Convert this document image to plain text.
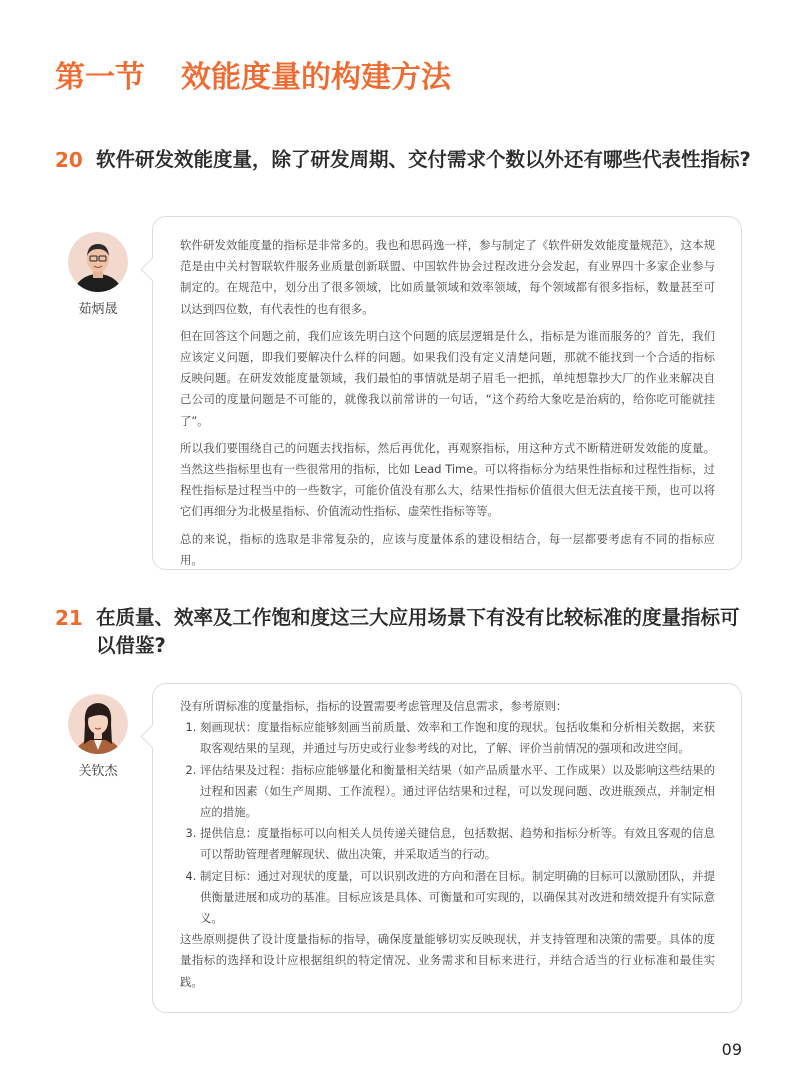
第一节 效能度量的构建方法
20 软件研发效能度量，除了研发周期、交付需求个数以外还有哪些代表性指标?
茹炳晟

软件研发效能度量的指标是非常多的。我也和思码逸一样，参与制定了《软件研发效能度量规范》，这本规范是由中关村智联软件服务业质量创新联盟、中国软件协会过程改进分会发起，有业界四十多家企业参与制定的。在规范中，划分出了很多领域，比如质量领域和效率领域，每个领域都有很多指标，数量甚至可以达到四位数，有代表性的也有很多。

但在回答这个问题之前，我们应该先明白这个问题的底层逻辑是什么，指标是为谁而服务的？首先，我们应该定义问题，即我们要解决什么样的问题。如果我们没有定义清楚问题，那就不能找到一个合适的指标反映问题。在研发效能度量领域，我们最怕的事情就是胡子眉毛一把抓，单纯想靠抄大厂的作业来解决自己公司的度量问题是不可能的，就像我以前常讲的一句话，“这个药给大象吃是治病的，给你吃可能就挂了”。

所以我们要围绕自己的问题去找指标，然后再优化，再观察指标，用这种方式不断精进研发效能的度量。当然这些指标里也有一些很常用的指标，比如 Lead Time。可以将指标分为结果性指标和过程性指标，过程性指标是过程当中的一些数字，可能价值没有那么大，结果性指标价值很大但无法直接干预，也可以将它们再细分为北极星指标、价值流动性指标、虚荣性指标等等。

总的来说，指标的选取是非常复杂的，应该与度量体系的建设相结合，每一层都要考虑有不同的指标应用。

21 在质量、效率及工作饱和度这三大应用场景下有没有比较标准的度量指标可以借鉴?
关钦杰

没有所谓标准的度量指标，指标的设置需要考虑管理及信息需求，参考原则：

1. 刻画现状：度量指标应能够刻画当前质量、效率和工作饱和度的现状。包括收集和分析相关数据，来获取客观结果的呈现，并通过与历史或行业参考线的对比，了解、评价当前情况的强项和改进空间。
2. 评估结果及过程：指标应能够量化和衡量相关结果（如产品质量水平、工作成果）以及影响这些结果的过程和因素（如生产周期、工作流程）。通过评估结果和过程，可以发现问题、改进瓶颈点，并制定相应的措施。
3. 提供信息：度量指标可以向相关人员传递关键信息，包括数据、趋势和指标分析等。有效且客观的信息可以帮助管理者理解现状、做出决策，并采取适当的行动。
4. 制定目标：通过对现状的度量，可以识别改进的方向和潜在目标。制定明确的目标可以激励团队，并提供衡量进展和成功的基准。目标应该是具体、可衡量和可实现的，以确保其对改进和绩效提升有实际意义。

这些原则提供了设计度量指标的指导，确保度量能够切实反映现状，并支持管理和决策的需要。具体的度量指标的选择和设计应根据组织的特定情况、业务需求和目标来进行，并结合适当的行业标准和最佳实践。

09
